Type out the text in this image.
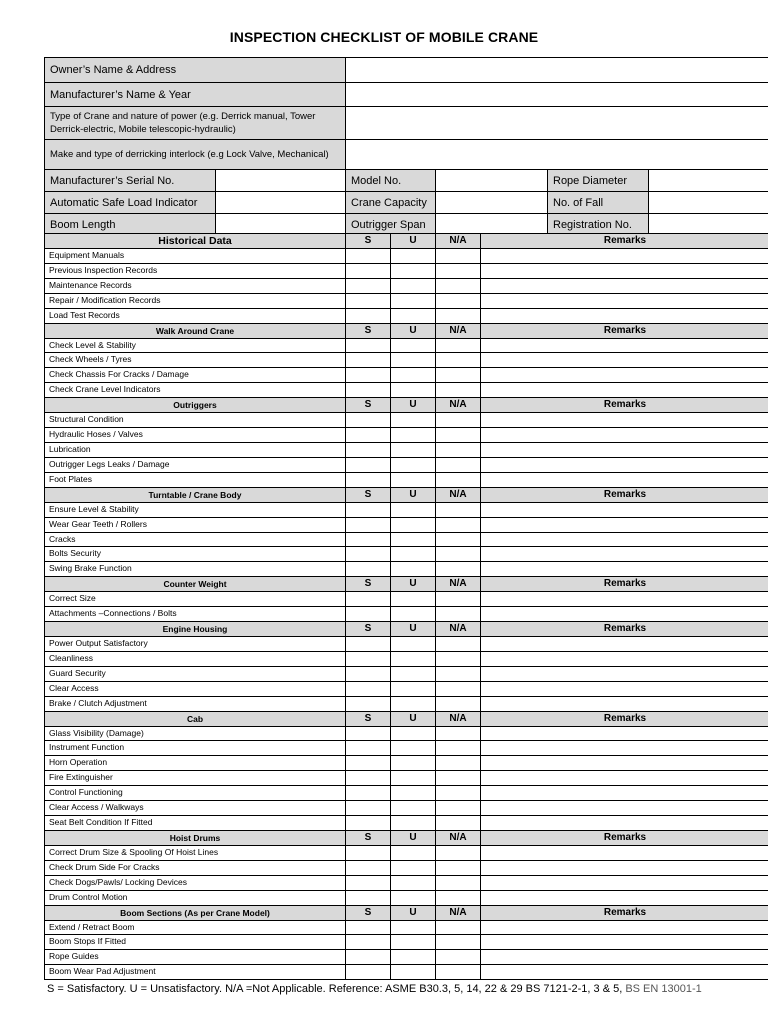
INSPECTION CHECKLIST OF MOBILE CRANE
Owner’s Name & Address	
Manufacturer’s Name & Year	
Type of Crane and nature of power (e.g. Derrick manual, Tower Derrick-electric, Mobile telescopic-hydraulic)	
Make and type of derricking interlock (e.g Lock Valve, Mechanical)	
Manufacturer’s Serial No.		Model No.		Rope Diameter	
Automatic Safe Load Indicator		Crane Capacity		No. of Fall	
Boom Length		Outrigger Span		Registration No.	
Historical Data	S	U	N/A	Remarks
Equipment Manuals				
Previous Inspection Records				
Maintenance Records				
Repair / Modification Records				
Load Test Records				
Walk Around Crane	S	U	N/A	Remarks
Check Level & Stability				
Check Wheels / Tyres				
Check Chassis For Cracks / Damage				
Check Crane Level Indicators				
Outriggers	S	U	N/A	Remarks
Structural Condition				
Hydraulic Hoses / Valves				
Lubrication				
Outrigger Legs Leaks / Damage				
Foot Plates				
Turntable / Crane Body	S	U	N/A	Remarks
Ensure Level & Stability				
Wear Gear Teeth / Rollers				
Cracks				
Bolts Security				
Swing Brake Function				
Counter Weight	S	U	N/A	Remarks
Correct Size				
Attachments –Connections / Bolts				
Engine Housing	S	U	N/A	Remarks
Power Output Satisfactory				
Cleanliness				
Guard Security				
Clear Access				
Brake / Clutch Adjustment				
Cab	S	U	N/A	Remarks
Glass Visibility (Damage)				
Instrument Function				
Horn Operation				
Fire Extinguisher				
Control Functioning				
Clear Access / Walkways				
Seat Belt Condition If Fitted				
Hoist Drums	S	U	N/A	Remarks
Correct Drum Size & Spooling Of Hoist Lines				
Check Drum Side For Cracks				
Check Dogs/Pawls/ Locking Devices				
Drum Control Motion				
Boom Sections (As per Crane Model)	S	U	N/A	Remarks
Extend / Retract Boom				
Boom Stops If Fitted				
Rope Guides				
Boom Wear Pad Adjustment				
S = Satisfactory. U = Unsatisfactory. N/A =Not Applicable. Reference: ASME B30.3, 5, 14, 22 & 29 BS 7121-2-1, 3 & 5, BS EN 13001-1
